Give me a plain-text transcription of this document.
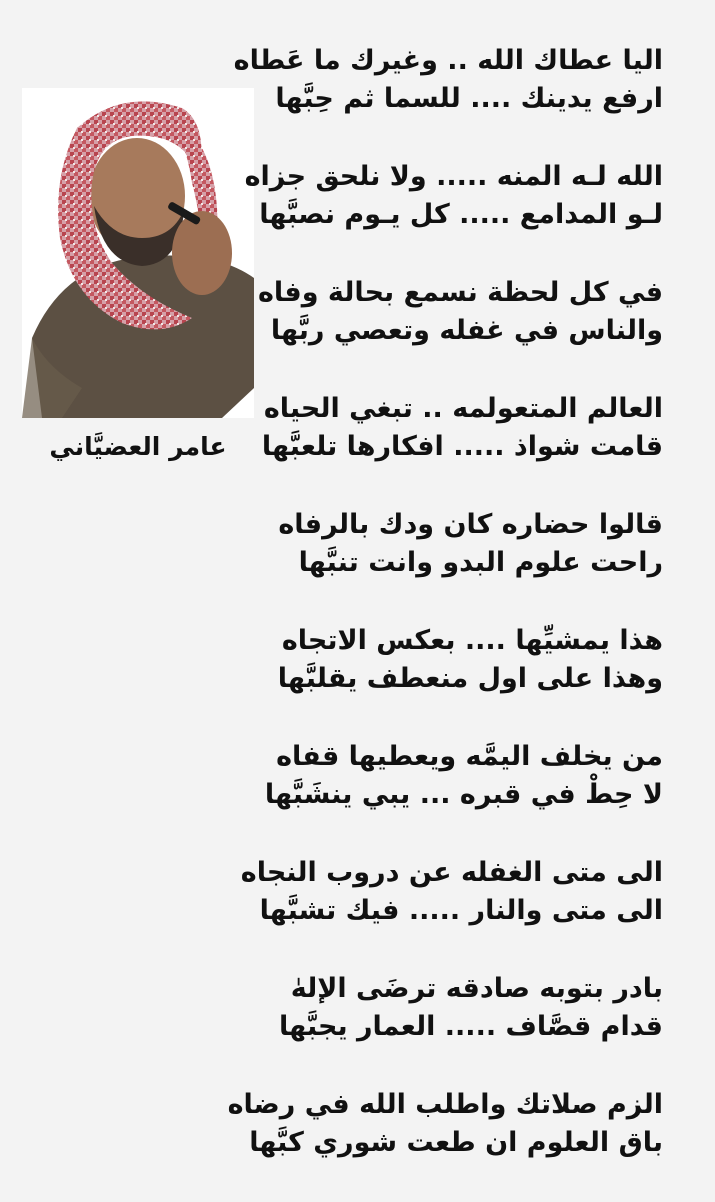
عامر العضيَّاني
اليا عطاك الله .. وغيرك ما عَطاه
ارفع يدينك .... للسما ثم حِبَّها
الله لـه المنه ..... ولا نلحق جزاه
لـو المدامع ..... كل يـوم نصبَّها
في كل لحظة نسمع بحالة وفاه
والناس في غفله وتعصي ربَّها
العالم المتعولمه .. تبغي الحياه
قامت شواذ ..... افكارها تلعبَّها
قالوا حضاره كان ودك بالرفاه
راحت علوم البدو وانت تنبَّها
هذا يمشيِّها .... بعكس الاتجاه
وهذا على اول منعطف يقلبَّها
من يخلف اليمَّه ويعطيها قفاه
لا حِطْ في قبره ... يبي ينشَبَّها
الى متى الغفله عن دروب النجاه
الى متى والنار ..... فيك تشبَّها
بادر بتوبه صادقه ترضَى الإلهٰ
قدام قصَّاف ..... العمار يجبَّها
الزم صلاتك واطلب الله في رضاه
باق العلوم ان طعت شوري كبَّها
